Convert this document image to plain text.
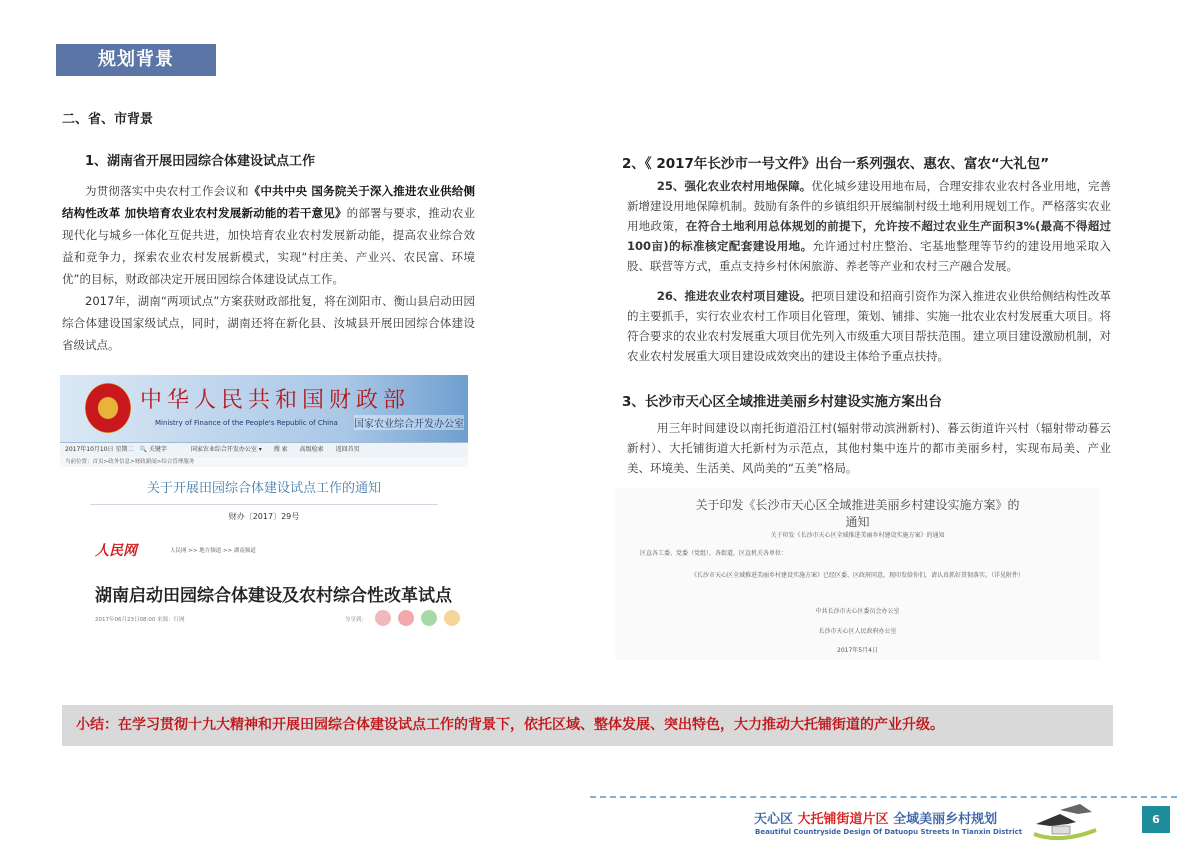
规划背景
二、省、市背景
1、湖南省开展田园综合体建设试点工作
为贯彻落实中央农村工作会议和《中共中央 国务院关于深入推进农业供给侧结构性改革 加快培育农业农村发展新动能的若干意见》的部署与要求，推动农业现代化与城乡一体化互促共进，加快培育农业农村发展新动能，提高农业综合效益和竞争力，探索农业农村发展新模式，实现“村庄美、产业兴、农民富、环境优”的目标，财政部决定开展田园综合体建设试点工作。
2017年，湖南“两项试点”方案获财政部批复，将在浏阳市、衡山县启动田园综合体建设国家级试点，同时，湖南还将在新化县、汝城县开展田园综合体建设省级试点。
中华人民共和国财政部
Ministry of Finance of the People's Republic of China 国家农业综合开发办公室
2017年10月10日 星期二　🔍 关键字　　　　国家农业综合开发办公室 ▾　　搜 索　　高级检索　　返回首页
当前位置：首页>政务信息>财政新闻>综合管理服务
关于开展田园综合体建设试点工作的通知
财办〔2017〕29号
人民网	人民网 >> 地方频道 >> 湖南频道
湖南启动田园综合体建设及农村综合性改革试点
2017年06月23日08:00 来源：红网	分享到：
2、《 2017年长沙市一号文件》出台一系列强农、惠农、富农“大礼包”
25、强化农业农村用地保障。优化城乡建设用地布局，合理安排农业农村各业用地，完善新增建设用地保障机制。鼓励有条件的乡镇组织开展编制村级土地利用规划工作。严格落实农业用地政策，在符合土地利用总体规划的前提下，允许按不超过农业生产面积3%(最高不得超过100亩)的标准核定配套建设用地。允许通过村庄整治、宅基地整理等节约的建设用地采取入股、联营等方式，重点支持乡村休闲旅游、养老等产业和农村三产融合发展。
26、推进农业农村项目建设。把项目建设和招商引资作为深入推进农业供给侧结构性改革的主要抓手，实行农业农村工作项目化管理，策划、铺排、实施一批农业农村发展重大项目。将符合要求的农业农村发展重大项目优先列入市级重大项目帮扶范围。建立项目建设激励机制，对农业农村发展重大项目建设成效突出的建设主体给予重点扶持。
3、长沙市天心区全域推进美丽乡村建设实施方案出台
用三年时间建设以南托街道沿江村(辐射带动滨洲新村)、暮云街道许兴村（辐射带动暮云新村）、大托铺街道大托新村为示范点，其他村集中连片的都市美丽乡村，实现布局美、产业美、环境美、生活美、风尚美的“五美”格局。
关于印发《长沙市天心区全域推进美丽乡村建设实施方案》的
通知
关于印发《长沙市天心区全域推进美丽乡村建设实施方案》的通知
区直各工委、党委（党组），各街道，区直机关各单位：
《长沙市天心区全域推进美丽乡村建设实施方案》已经区委、区政府同意，现印发给你们，请认真抓好贯彻落实。（详见附件）
中共长沙市天心区委员会办公室
长沙市天心区人民政府办公室
2017年5月4日
小结：在学习贯彻十九大精神和开展田园综合体建设试点工作的背景下，依托区域、整体发展、突出特色，大力推动大托铺街道的产业升级。
天心区 大托铺街道片区 全域美丽乡村规划
Beautiful Countryside Design Of Datuopu Streets In Tianxin District
6
